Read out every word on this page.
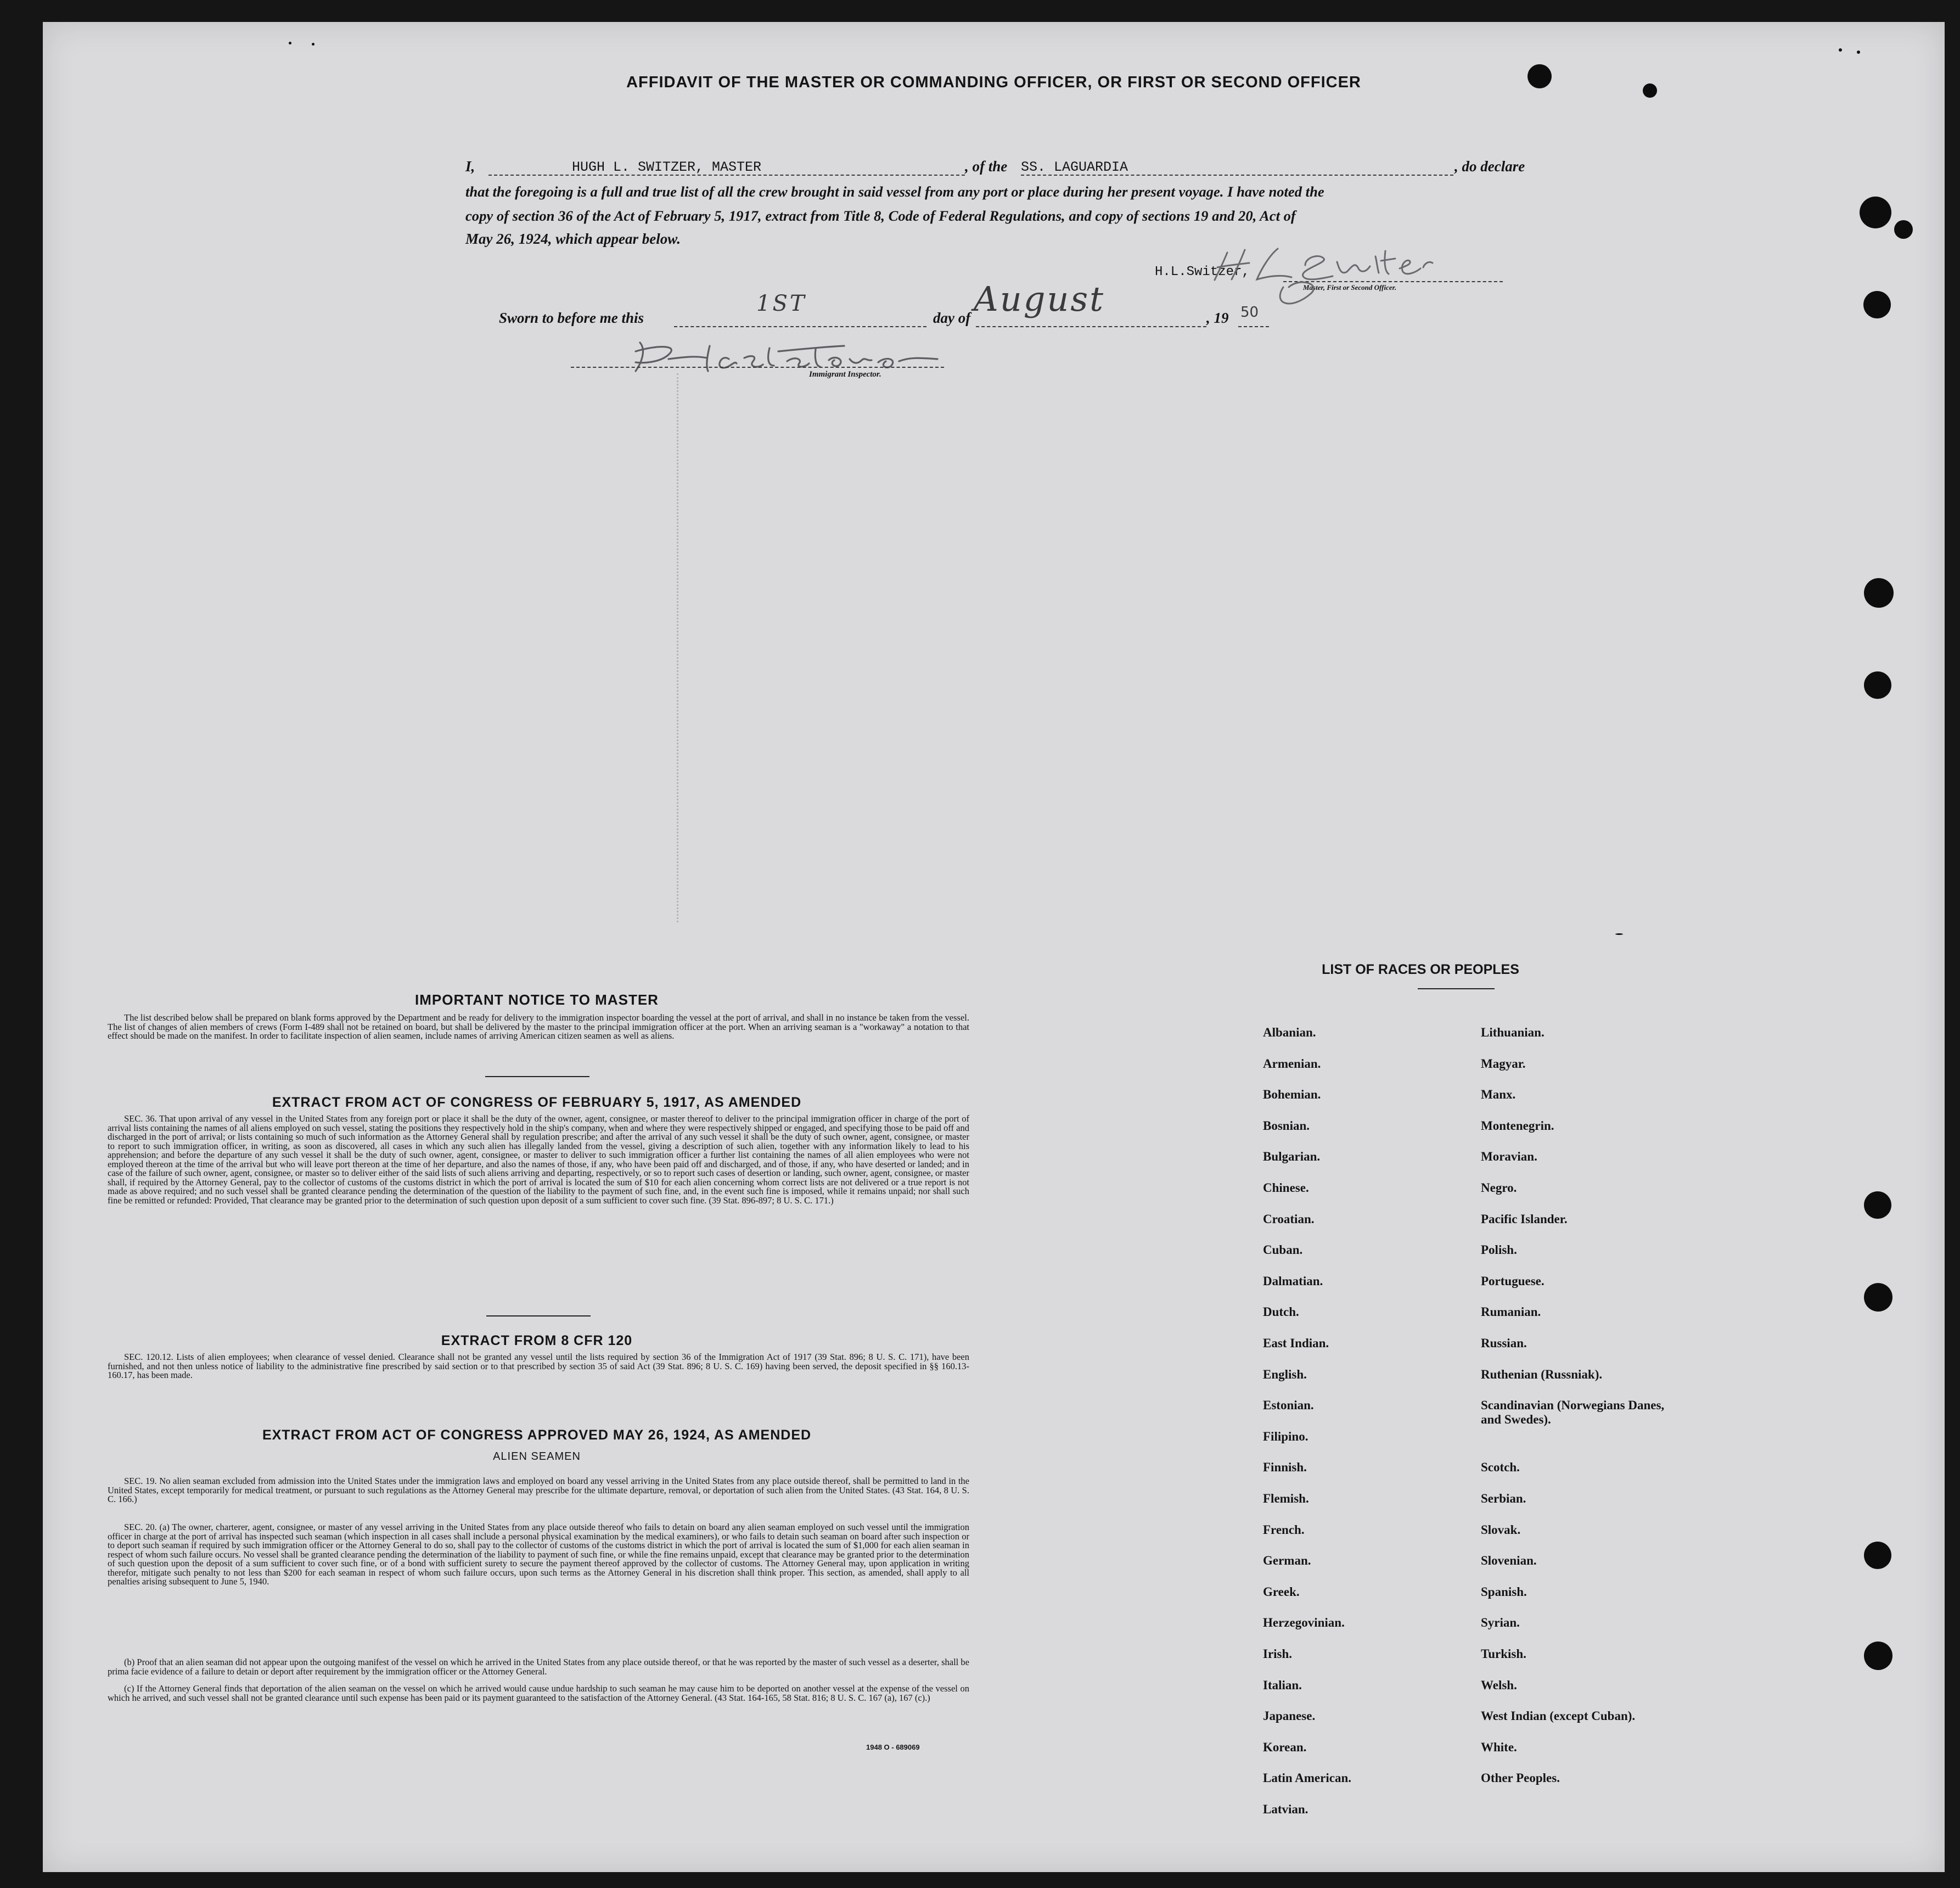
AFFIDAVIT OF THE MASTER OR COMMANDING OFFICER, OR FIRST OR SECOND OFFICER
I,	HUGH L. SWITZER, MASTER	, of the SS. LAGUARDIA	, do declare
that the foregoing is a full and true list of all the crew brought in said vessel from any port or place during her present voyage. I have noted the
copy of section 36 of the Act of February 5, 1917, extract from Title 8, Code of Federal Regulations, and copy of sections 19 and 20, Act of
May 26, 1924, which appear below.
H.L.Switzer,
Master, First or Second Officer.
Sworn to before me this
1ST
day of August	, 19 50
Immigrant Inspector.
IMPORTANT NOTICE TO MASTER

The list described below shall be prepared on blank forms approved by the Department and be ready for delivery to the immigration inspector boarding the vessel at the port of arrival, and shall in no instance be taken from the vessel. The list of changes of alien members of crews (Form I-489 shall not be retained on board, but shall be delivered by the master to the principal immigration officer at the port. When an arriving seaman is a "workaway" a notation to that effect should be made on the manifest. In order to facilitate inspection of alien seamen, include names of arriving American citizen seamen as well as aliens.

EXTRACT FROM ACT OF CONGRESS OF FEBRUARY 5, 1917, AS AMENDED

SEC. 36. That upon arrival of any vessel in the United States from any foreign port or place it shall be the duty of the owner, agent, consignee, or master thereof to deliver to the principal immigration officer in charge of the port of arrival lists containing the names of all aliens employed on such vessel, stating the positions they respectively hold in the ship's company, when and where they were respectively shipped or engaged, and specifying those to be paid off and discharged in the port of arrival; or lists containing so much of such information as the Attorney General shall by regulation prescribe; and after the arrival of any such vessel it shall be the duty of such owner, agent, consignee, or master to report to such immigration officer, in writing, as soon as discovered, all cases in which any such alien has illegally landed from the vessel, giving a description of such alien, together with any information likely to lead to his apprehension; and before the departure of any such vessel it shall be the duty of such owner, agent, consignee, or master to deliver to such immigration officer a further list containing the names of all alien employees who were not employed thereon at the time of the arrival but who will leave port thereon at the time of her departure, and also the names of those, if any, who have been paid off and discharged, and of those, if any, who have deserted or landed; and in case of the failure of such owner, agent, consignee, or master so to deliver either of the said lists of such aliens arriving and departing, respectively, or so to report such cases of desertion or landing, such owner, agent, consignee, or master shall, if required by the Attorney General, pay to the collector of customs of the customs district in which the port of arrival is located the sum of $10 for each alien concerning whom correct lists are not delivered or a true report is not made as above required; and no such vessel shall be granted clearance pending the determination of the question of the liability to the payment of such fine, and, in the event such fine is imposed, while it remains unpaid; nor shall such fine be remitted or refunded: Provided, That clearance may be granted prior to the determination of such question upon deposit of a sum sufficient to cover such fine. (39 Stat. 896-897; 8 U. S. C. 171.)

EXTRACT FROM 8 CFR 120

SEC. 120.12. Lists of alien employees; when clearance of vessel denied. Clearance shall not be granted any vessel until the lists required by section 36 of the Immigration Act of 1917 (39 Stat. 896; 8 U. S. C. 171), have been furnished, and not then unless notice of liability to the administrative fine prescribed by said section or to that prescribed by section 35 of said Act (39 Stat. 896; 8 U. S. C. 169) having been served, the deposit specified in §§ 160.13-160.17, has been made.

EXTRACT FROM ACT OF CONGRESS APPROVED MAY 26, 1924, AS AMENDED
ALIEN SEAMEN

SEC. 19. No alien seaman excluded from admission into the United States under the immigration laws and employed on board any vessel arriving in the United States from any place outside thereof, shall be permitted to land in the United States, except temporarily for medical treatment, or pursuant to such regulations as the Attorney General may prescribe for the ultimate departure, removal, or deportation of such alien from the United States. (43 Stat. 164, 8 U. S. C. 166.)

SEC. 20. (a) The owner, charterer, agent, consignee, or master of any vessel arriving in the United States from any place outside thereof who fails to detain on board any alien seaman employed on such vessel until the immigration officer in charge at the port of arrival has inspected such seaman (which inspection in all cases shall include a personal physical examination by the medical examiners), or who fails to detain such seaman on board after such inspection or to deport such seaman if required by such immigration officer or the Attorney General to do so, shall pay to the collector of customs of the customs district in which the port of arrival is located the sum of $1,000 for each alien seaman in respect of whom such failure occurs. No vessel shall be granted clearance pending the determination of the liability to payment of such fine, or while the fine remains unpaid, except that clearance may be granted prior to the determination of such question upon the deposit of a sum sufficient to cover such fine, or of a bond with sufficient surety to secure the payment thereof approved by the collector of customs. The Attorney General may, upon application in writing therefor, mitigate such penalty to not less than $200 for each seaman in respect of whom such failure occurs, upon such terms as the Attorney General in his discretion shall think proper. This section, as amended, shall apply to all penalties arising subsequent to June 5, 1940.

(b) Proof that an alien seaman did not appear upon the outgoing manifest of the vessel on which he arrived in the United States from any place outside thereof, or that he was reported by the master of such vessel as a deserter, shall be prima facie evidence of a failure to detain or deport after requirement by the immigration officer or the Attorney General.

(c) If the Attorney General finds that deportation of the alien seaman on the vessel on which he arrived would cause undue hardship to such seaman he may cause him to be deported on another vessel at the expense of the vessel on which he arrived, and such vessel shall not be granted clearance until such expense has been paid or its payment guaranteed to the satisfaction of the Attorney General. (43 Stat. 164-165, 58 Stat. 816; 8 U. S. C. 167 (a), 167 (c).)

1948 O - 689069
LIST OF RACES OR PEOPLES
Albanian.
Armenian.
Bohemian.
Bosnian.
Bulgarian.
Chinese.
Croatian.
Cuban.
Dalmatian.
Dutch.
East Indian.
English.
Estonian.
Filipino.
Finnish.
Flemish.
French.
German.
Greek.
Herzegovinian.
Irish.
Italian.
Japanese.
Korean.
Latin American.
Latvian.
Lithuanian.
Magyar.
Manx.
Montenegrin.
Moravian.
Negro.
Pacific Islander.
Polish.
Portuguese.
Rumanian.
Russian.
Ruthenian (Russniak).
Scandinavian (Norwegians Danes, and Swedes).
Scotch.
Serbian.
Slovak.
Slovenian.
Spanish.
Syrian.
Turkish.
Welsh.
West Indian (except Cuban).
White.
Other Peoples.
